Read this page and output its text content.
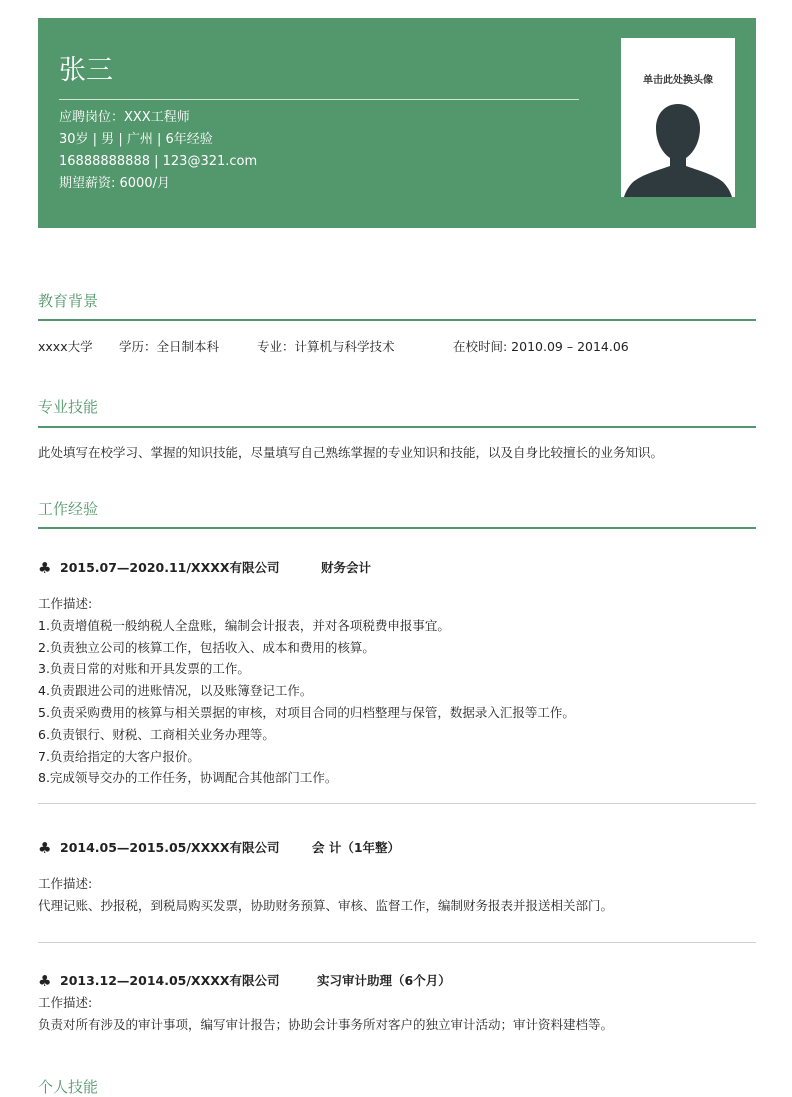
张三
应聘岗位：XXX工程师
30岁 | 男 | 广州 | 6年经验
16888888888 | 123@321.com
期望薪资: 6000/月
单击此处换头像
教育背景
xxxx大学 学历：全日制本科	专业：计算机与科学技术	在校时间: 2010.09 – 2014.06
专业技能
此处填写在校学习、掌握的知识技能，尽量填写自己熟练掌握的专业知识和技能，以及自身比较擅长的业务知识。
工作经验
♣ 2015.07—2020.11/XXXX有限公司	财务会计
工作描述:
1.负责增值税一般纳税人全盘账，编制会计报表，并对各项税费申报事宜。
2.负责独立公司的核算工作，包括收入、成本和费用的核算。
3.负责日常的对账和开具发票的工作。
4.负责跟进公司的进账情况，以及账簿登记工作。
5.负责采购费用的核算与相关票据的审核，对项目合同的归档整理与保管，数据录入汇报等工作。
6.负责银行、财税、工商相关业务办理等。
7.负责给指定的大客户报价。
8.完成领导交办的工作任务，协调配合其他部门工作。
♣ 2014.05—2015.05/XXXX有限公司	会 计（1年整）
工作描述:
代理记账、抄报税，到税局购买发票，协助财务预算、审核、监督工作，编制财务报表并报送相关部门。
♣ 2013.12—2014.05/XXXX有限公司	实习审计助理（6个月）
工作描述:
负责对所有涉及的审计事项，编写审计报告；协助会计事务所对客户的独立审计活动；审计资料建档等。
个人技能
